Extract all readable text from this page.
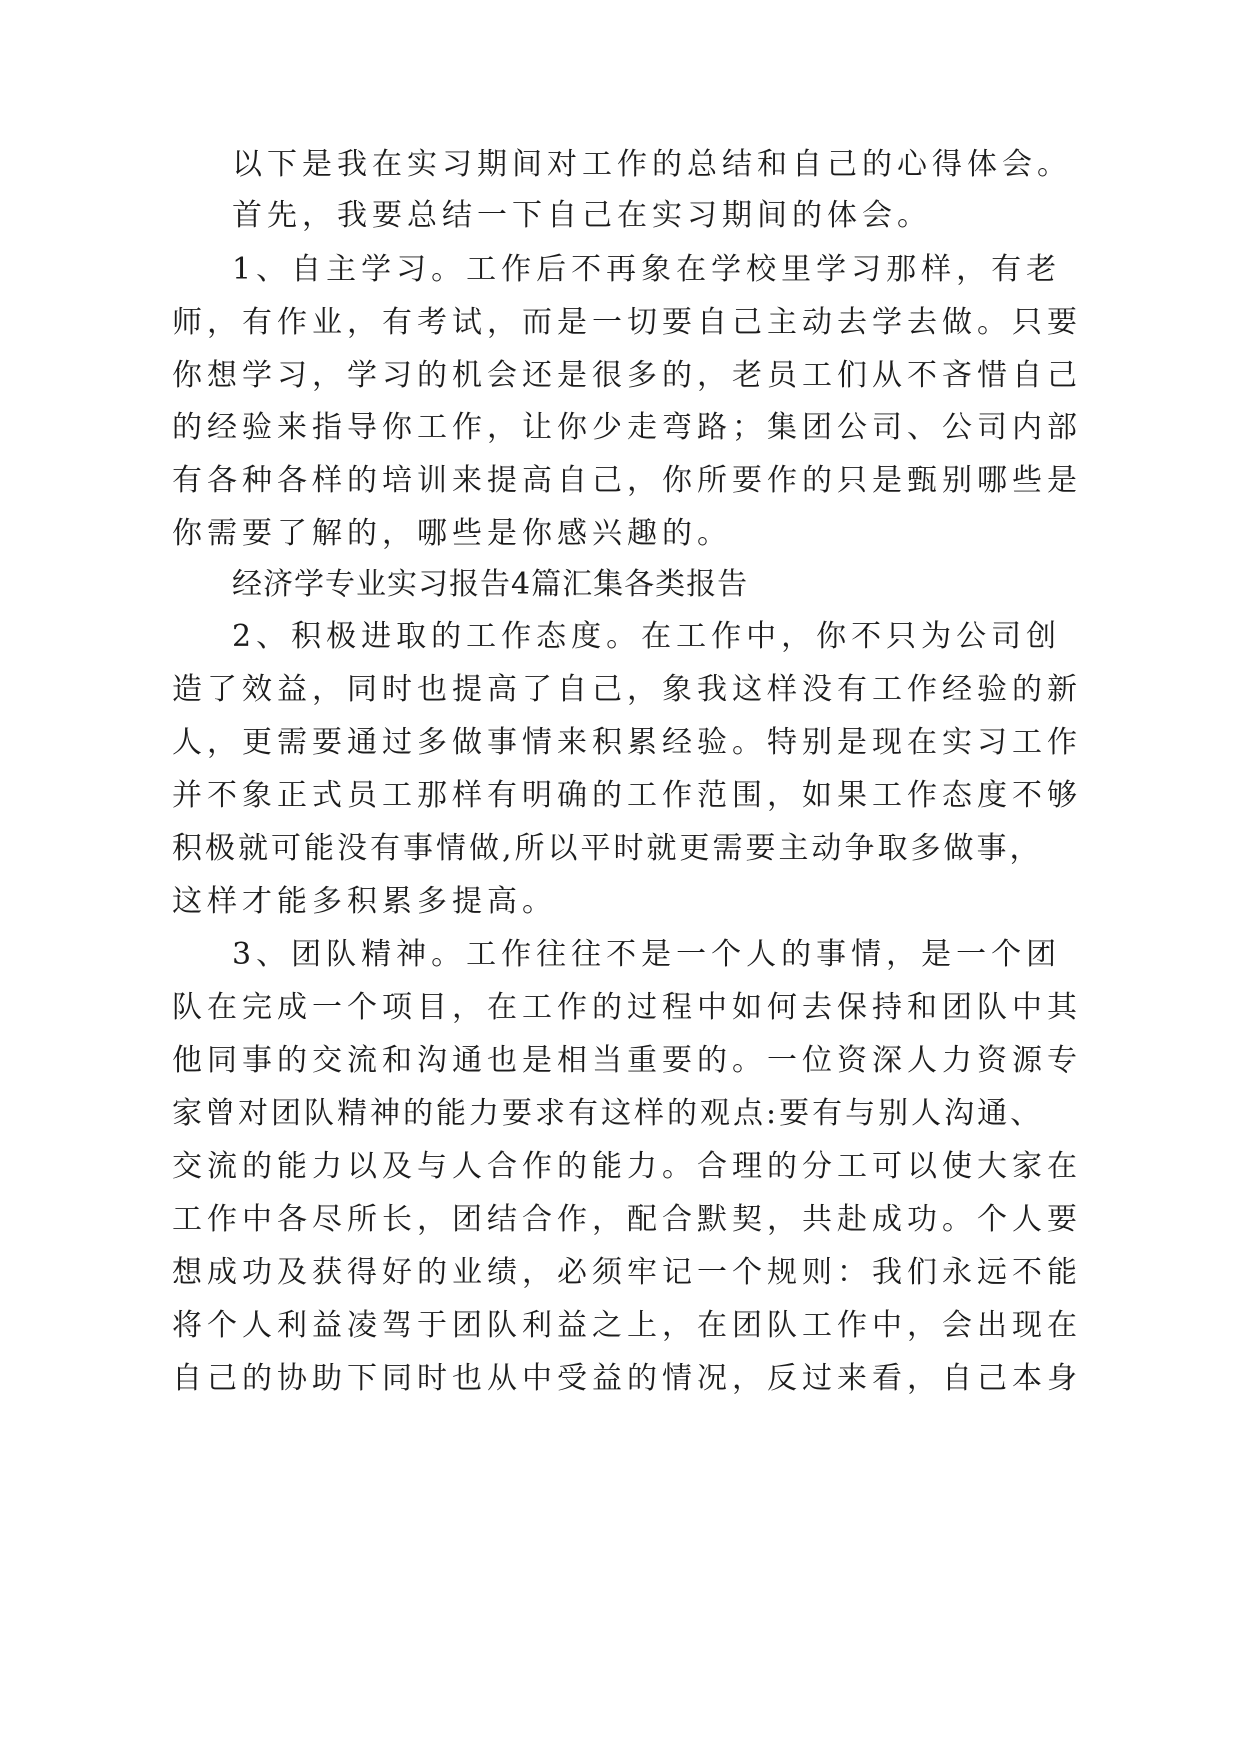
以下是我在实习期间对工作的总结和自己的心得体会。
首先，我要总结一下自己在实习期间的体会。
1、自主学习。工作后不再象在学校里学习那样，有老
师，有作业，有考试，而是一切要自己主动去学去做。只要
你想学习，学习的机会还是很多的，老员工们从不吝惜自己
的经验来指导你工作，让你少走弯路；集团公司、公司内部
有各种各样的培训来提高自己，你所要作的只是甄别哪些是
你需要了解的，哪些是你感兴趣的。
经济学专业实习报告4篇汇集各类报告
2、积极进取的工作态度。在工作中，你不只为公司创
造了效益，同时也提高了自己，象我这样没有工作经验的新
人，更需要通过多做事情来积累经验。特别是现在实习工作
并不象正式员工那样有明确的工作范围，如果工作态度不够
积极就可能没有事情做,所以平时就更需要主动争取多做事，
这样才能多积累多提高。
3、团队精神。工作往往不是一个人的事情，是一个团
队在完成一个项目，在工作的过程中如何去保持和团队中其
他同事的交流和沟通也是相当重要的。一位资深人力资源专
家曾对团队精神的能力要求有这样的观点:要有与别人沟通、
交流的能力以及与人合作的能力。合理的分工可以使大家在
工作中各尽所长，团结合作，配合默契，共赴成功。个人要
想成功及获得好的业绩，必须牢记一个规则：我们永远不能
将个人利益凌驾于团队利益之上，在团队工作中，会出现在
自己的协助下同时也从中受益的情况，反过来看，自己本身
